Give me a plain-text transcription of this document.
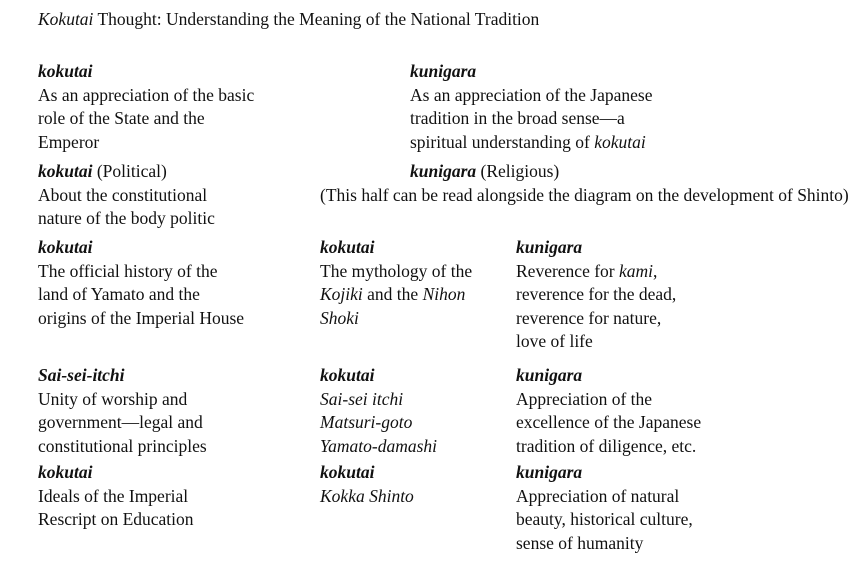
Kokutai Thought: Understanding the Meaning of the National Tradition
kokutai
As an appreciation of the basic
role of the State and the
Emperor
kunigara
As an appreciation of the Japanese
tradition in the broad sense—a
spiritual understanding of kokutai
kokutai (Political)
About the constitutional
nature of the body politic
kunigara (Religious)
(This half can be read alongside the diagram on the development of Shinto)
kokutai
The official history of the
land of Yamato and the
origins of the Imperial House
kokutai
The mythology of the
Kojiki and the Nihon
Shoki
kunigara
Reverence for kami,
reverence for the dead,
reverence for nature,
love of life
Sai-sei-itchi
Unity of worship and
government—legal and
constitutional principles
kokutai
Sai-sei itchi
Matsuri-goto
Yamato-damashi
kunigara
Appreciation of the
excellence of the Japanese
tradition of diligence, etc.
kokutai
Ideals of the Imperial
Rescript on Education
kokutai
Kokka Shinto
kunigara
Appreciation of natural
beauty, historical culture,
sense of humanity
